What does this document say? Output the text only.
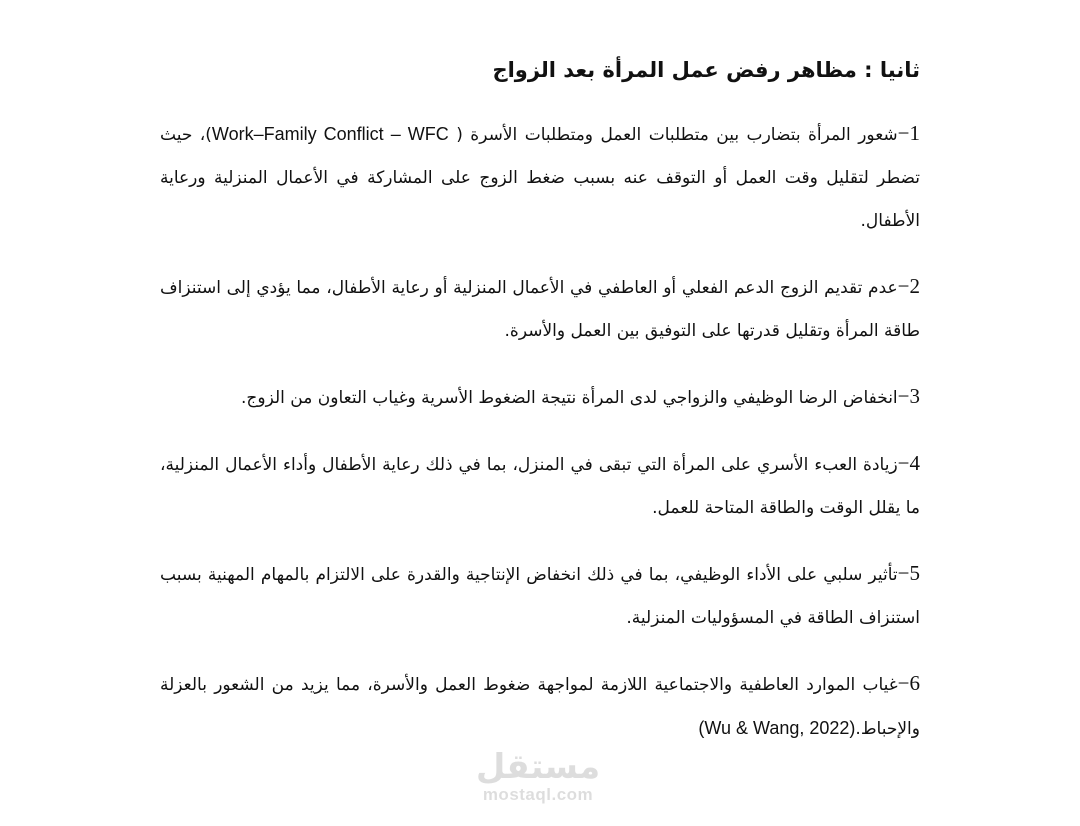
ثانيا : مظاهر رفض عمل المرأة بعد الزواج

1−شعور المرأة بتضارب بين متطلبات العمل ومتطلبات الأسرة ( Work–Family Conflict – WFC)، حيث تضطر لتقليل وقت العمل أو التوقف عنه بسبب ضغط الزوج على المشاركة في الأعمال المنزلية ورعاية الأطفال.

2−عدم تقديم الزوج الدعم الفعلي أو العاطفي في الأعمال المنزلية أو رعاية الأطفال، مما يؤدي إلى استنزاف طاقة المرأة وتقليل قدرتها على التوفيق بين العمل والأسرة.

3−انخفاض الرضا الوظيفي والزواجي لدى المرأة نتيجة الضغوط الأسرية وغياب التعاون من الزوج.

4−زيادة العبء الأسري على المرأة التي تبقى في المنزل، بما في ذلك رعاية الأطفال وأداء الأعمال المنزلية، ما يقلل الوقت والطاقة المتاحة للعمل.

5−تأثير سلبي على الأداء الوظيفي، بما في ذلك انخفاض الإنتاجية والقدرة على الالتزام بالمهام المهنية بسبب استنزاف الطاقة في المسؤوليات المنزلية.

6−غياب الموارد العاطفية والاجتماعية اللازمة لمواجهة ضغوط العمل والأسرة، مما يزيد من الشعور بالعزلة والإحباط.(Wu & Wang, 2022)

مستقل
mostaql.com
